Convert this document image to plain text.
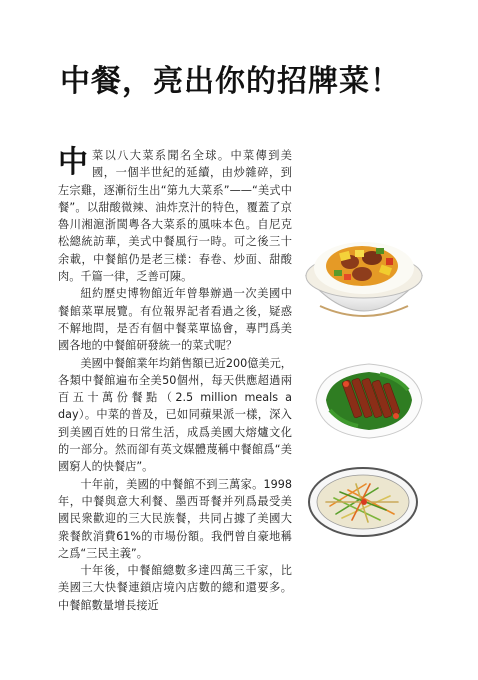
中餐，亮出你的招牌菜！

中菜以八大菜系聞名全球。中菜傳到美國，一個半世紀的延續，由炒雜碎，到左宗雞，逐漸衍生出“第九大菜系”——“美式中餐”。以甜酸微辣、油炸烹汁的特色，覆蓋了京魯川湘滬浙閩粵各大菜系的風味本色。自尼克松總統訪華，美式中餐風行一時。可之後三十余載，中餐館仍是老三樣：春卷、炒面、甜酸肉。千篇一律，乏善可陳。

紐約歷史博物館近年曾舉辦過一次美國中餐館菜單展覽。有位報界記者看過之後，疑惑不解地問，是否有個中餐菜單協會，專門爲美國各地的中餐館研發統一的菜式呢？

美國中餐館業年均銷售額已近200億美元，各類中餐館遍布全美50個州，每天供應超過兩百五十萬份餐點（2.5 million meals a day）。中菜的普及，已如同蘋果派一樣，深入到美國百姓的日常生活，成爲美國大熔爐文化的一部分。然而卻有英文媒體蔑稱中餐館爲“美國窮人的快餐店”。

十年前，美國的中餐館不到三萬家。1998年，中餐與意大利餐、墨西哥餐并列爲最受美國民衆歡迎的三大民族餐，共同占據了美國大衆餐飲消費61%的市場份額。我們曾自豪地稱之爲“三民主義”。

十年後，中餐館總數多達四萬三千家，比美國三大快餐連鎖店境內店數的總和還要多。中餐館數量增長接近
